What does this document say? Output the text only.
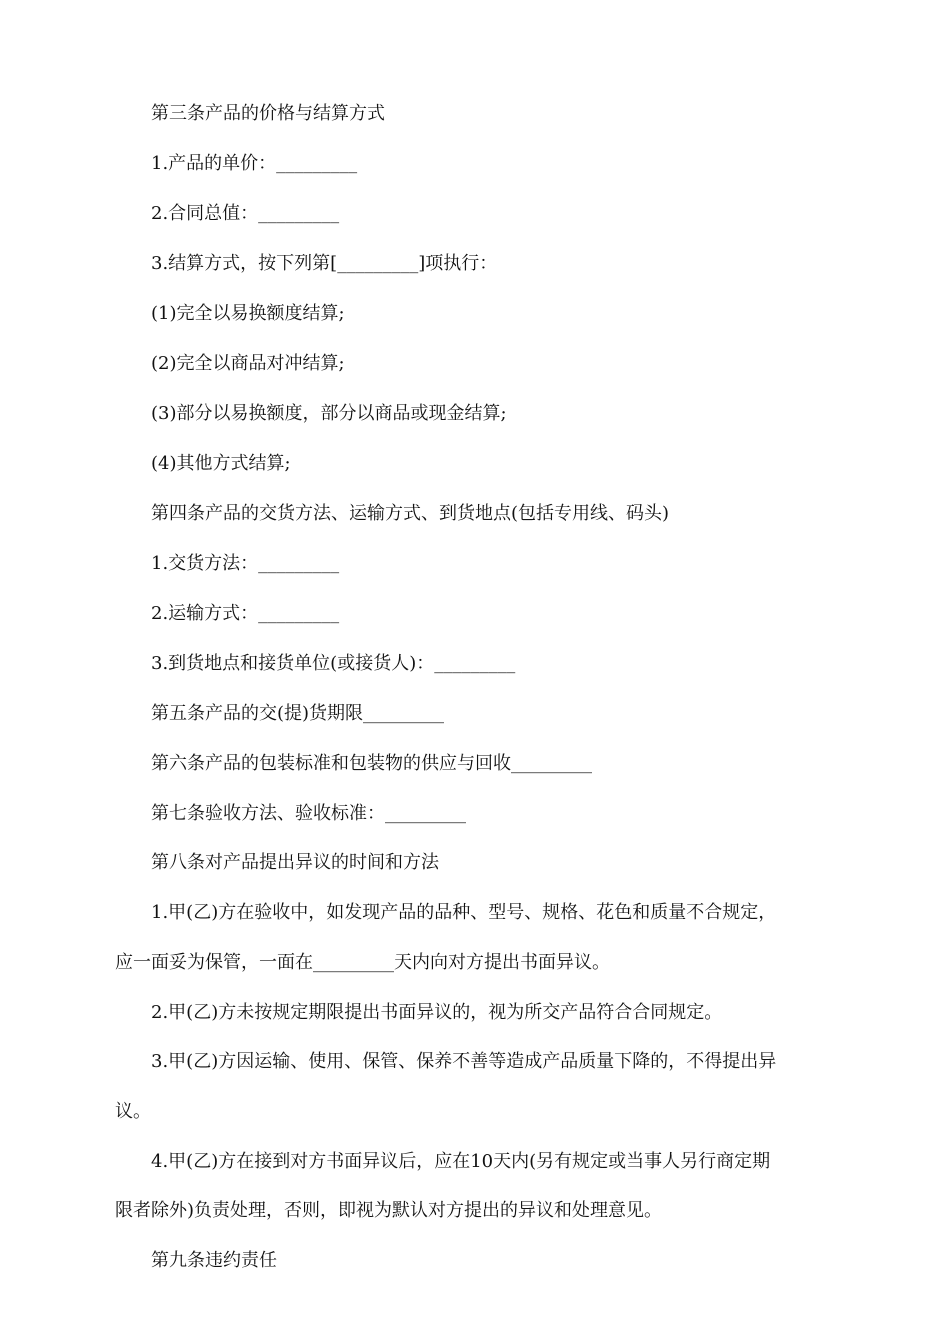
第三条产品的价格与结算方式

1.产品的单价：_________

2.合同总值：_________

3.结算方式，按下列第[_________]项执行：

(1)完全以易换额度结算;

(2)完全以商品对冲结算;

(3)部分以易换额度，部分以商品或现金结算;

(4)其他方式结算;

第四条产品的交货方法、运输方式、到货地点(包括专用线、码头)

1.交货方法：_________

2.运输方式：_________

3.到货地点和接货单位(或接货人)：_________

第五条产品的交(提)货期限_________

第六条产品的包装标准和包装物的供应与回收_________

第七条验收方法、验收标准：_________

第八条对产品提出异议的时间和方法

1.甲(乙)方在验收中，如发现产品的品种、型号、规格、花色和质量不合规定，

应一面妥为保管，一面在_________天内向对方提出书面异议。

2.甲(乙)方未按规定期限提出书面异议的，视为所交产品符合合同规定。

3.甲(乙)方因运输、使用、保管、保养不善等造成产品质量下降的，不得提出异

议。

4.甲(乙)方在接到对方书面异议后，应在10天内(另有规定或当事人另行商定期

限者除外)负责处理，否则，即视为默认对方提出的异议和处理意见。

第九条违约责任
